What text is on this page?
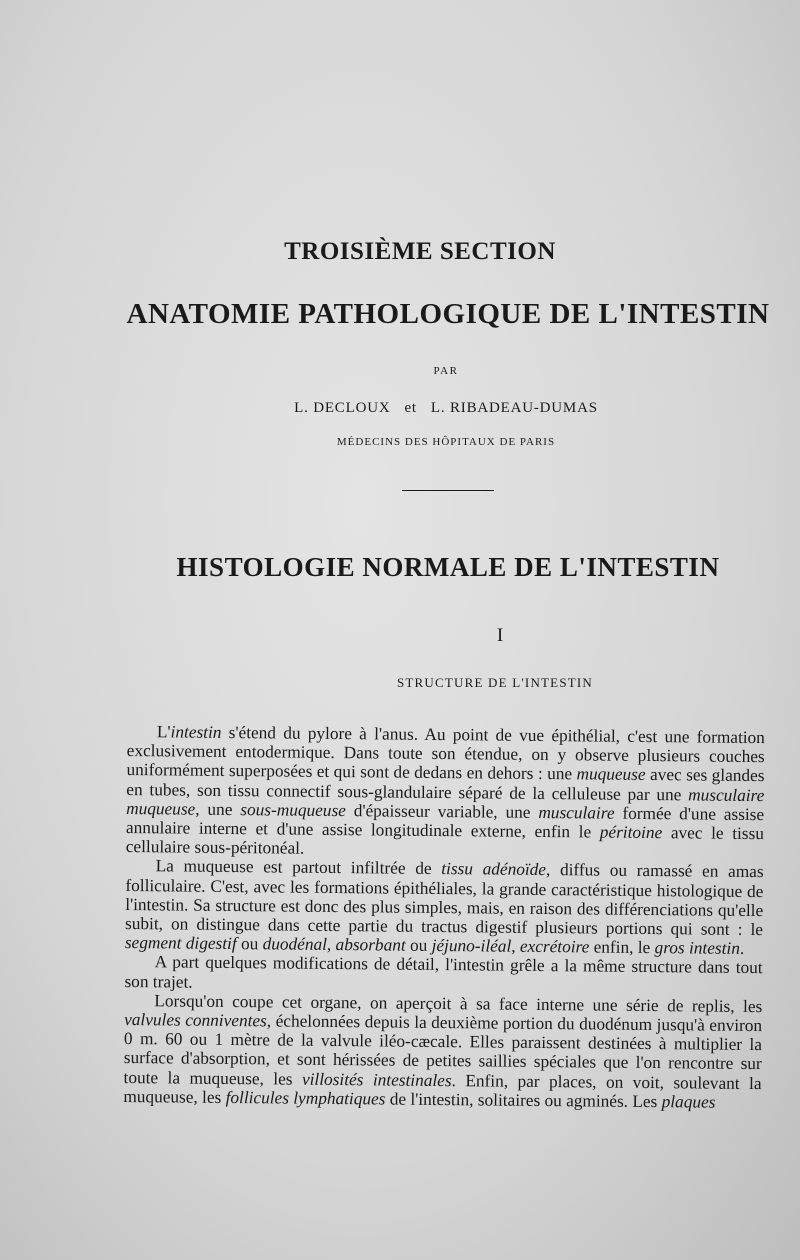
TROISIÈME SECTION
ANATOMIE PATHOLOGIQUE DE L'INTESTIN
PAR
L. DECLOUX et L. RIBADEAU-DUMAS
MÉDECINS DES HÔPITAUX DE PARIS
HISTOLOGIE NORMALE DE L'INTESTIN
I
STRUCTURE DE L'INTESTIN

L'intestin s'étend du pylore à l'anus. Au point de vue épithélial, c'est une formation exclusivement entodermique. Dans toute son étendue, on y observe plusieurs couches uniformément superposées et qui sont de dedans en dehors : une muqueuse avec ses glandes en tubes, son tissu connectif sous-glandulaire séparé de la celluleuse par une musculaire muqueuse, une sous-muqueuse d'épaisseur variable, une musculaire formée d'une assise annulaire interne et d'une assise longitudinale externe, enfin le péritoine avec le tissu cellulaire sous-péritonéal.

La muqueuse est partout infiltrée de tissu adénoïde, diffus ou ramassé en amas folliculaire. C'est, avec les formations épithéliales, la grande caractéristique histologique de l'intestin. Sa structure est donc des plus simples, mais, en raison des différenciations qu'elle subit, on distingue dans cette partie du tractus digestif plusieurs portions qui sont : le segment digestif ou duodénal, absorbant ou jéjuno-iléal, excrétoire enfin, le gros intestin.

A part quelques modifications de détail, l'intestin grêle a la même structure dans tout son trajet.

Lorsqu'on coupe cet organe, on aperçoit à sa face interne une série de replis, les valvules conniventes, échelonnées depuis la deuxième portion du duodénum jusqu'à environ 0 m. 60 ou 1 mètre de la valvule iléo-cæcale. Elles paraissent destinées à multiplier la surface d'absorption, et sont hérissées de petites saillies spéciales que l'on rencontre sur toute la muqueuse, les villosités intestinales. Enfin, par places, on voit, soulevant la muqueuse, les follicules lymphatiques de l'intestin, solitaires ou agminés. Les plaques
